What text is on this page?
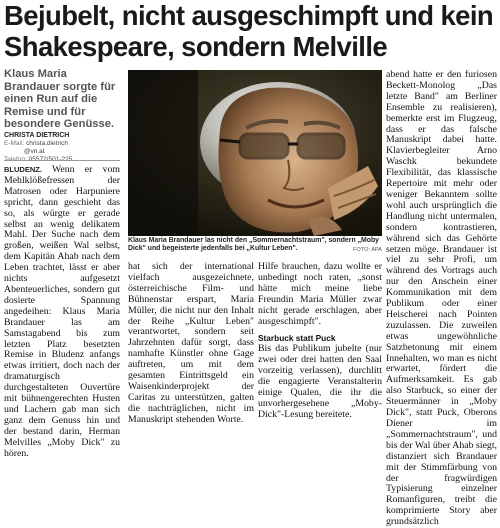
Bejubelt, nicht ausgeschimpft und kein Shakespeare, sondern Melville

Klaus Maria Brandauer sorgte für einen Run auf die Remise und für besondere Genüsse.

CHRISTA DIETRICH
E-Mail: christa.dietrich
@vn.at
BLUDENZ. Wenn er vom Mehlklößefressen der Matrosen oder Harpuniere spricht, dann geschieht das so, als würgte er gerade selbst an wenig delikatem Mahl. Der Suche nach dem großen, weißen Wal selbst, dem Kapitän Ahab nach dem Leben trachtet, lässt er aber nichts aufgesetzt Abenteuerliches, sondern gut dosierte Spannung angedeihen: Klaus Maria Brandauer las am Samstagabend bis zum letzten Platz besetzten Remise in Bludenz anfangs etwas irritiert, doch nach der dramaturgisch durchgestalteten Ouvertüre mit bühnengerechten Husten und Lachern gab man sich ganz dem Genuss hin und der bestand darin, Herman Melvilles „Moby Dick" zu hören.
Klaus Maria Brandauer las nicht den „Sommernachtstraum", sondern „Moby Dick" und begeisterte jedenfalls bei „Kultur Leben".	FOTO: APA
hat sich der international vielfach ausgezeichnete, österreichische Film- und Bühnenstar erspart, Maria Müller, die nicht nur den Inhalt der Reihe „Kultur Leben" verantwortet, sondern seit Jahrzehnten dafür sorgt, dass namhafte Künstler ohne Gage auftreten, um mit dem gesamten Eintrittsgeld ein Waisenkinderprojekt der Caritas zu unterstützen, galten die nachträglichen, nicht im Manuskript stehenden Worte.
Hilfe brauchen, dazu wollte er unbedingt noch raten, „sonst hätte mich meine liebe Freundin Maria Müller zwar nicht gerade erschlagen, aber ausgeschimpft".
Starbuck statt Puck
Bis das Publikum jubelte (nur zwei oder drei hatten den Saal vorzeitig verlassen), durchlitt die engagierte Veranstalterin einige Qualen, die ihr die unvorhergesehene „Moby-Dick"-Lesung bereitete.
abend hatte er den furiosen Beckett-Monolog „Das letzte Band" am Berliner Ensemble zu realisieren), bemerkte erst im Flugzeug, dass er das falsche Manuskript dabei hatte. Klavierbegleiter Arno Waschk bekundete Flexibilität, das klassische Repertoire mit mehr oder weniger Bekanntem sollte wohl auch ursprünglich die Handlung nicht untermalen, sondern kontrastieren, während sich das Gehörte setzen möge. Brandauer ist viel zu sehr Profi, um während des Vortrags auch nur den Anschein einer Kommunikation mit dem Publikum oder einer Heischerei nach Pointen zuzulassen. Die zuweilen etwas ungewöhnliche Satzbetonung mit einem Innehalten, wo man es nicht erwartet, fördert die Aufmerksamkeit. Es gab also Starbuck, so einer der Steuermänner in „Moby Dick", statt Puck, Oberons Diener im „Sommernachtstraum", und bis der Wal über Ahab siegt, distanziert sich Brandauer mit der Stimmfärbung von der fragwürdigen Typisierung einzelner Romanfiguren, treibt die komprimierte Story aber grundsätzlich
